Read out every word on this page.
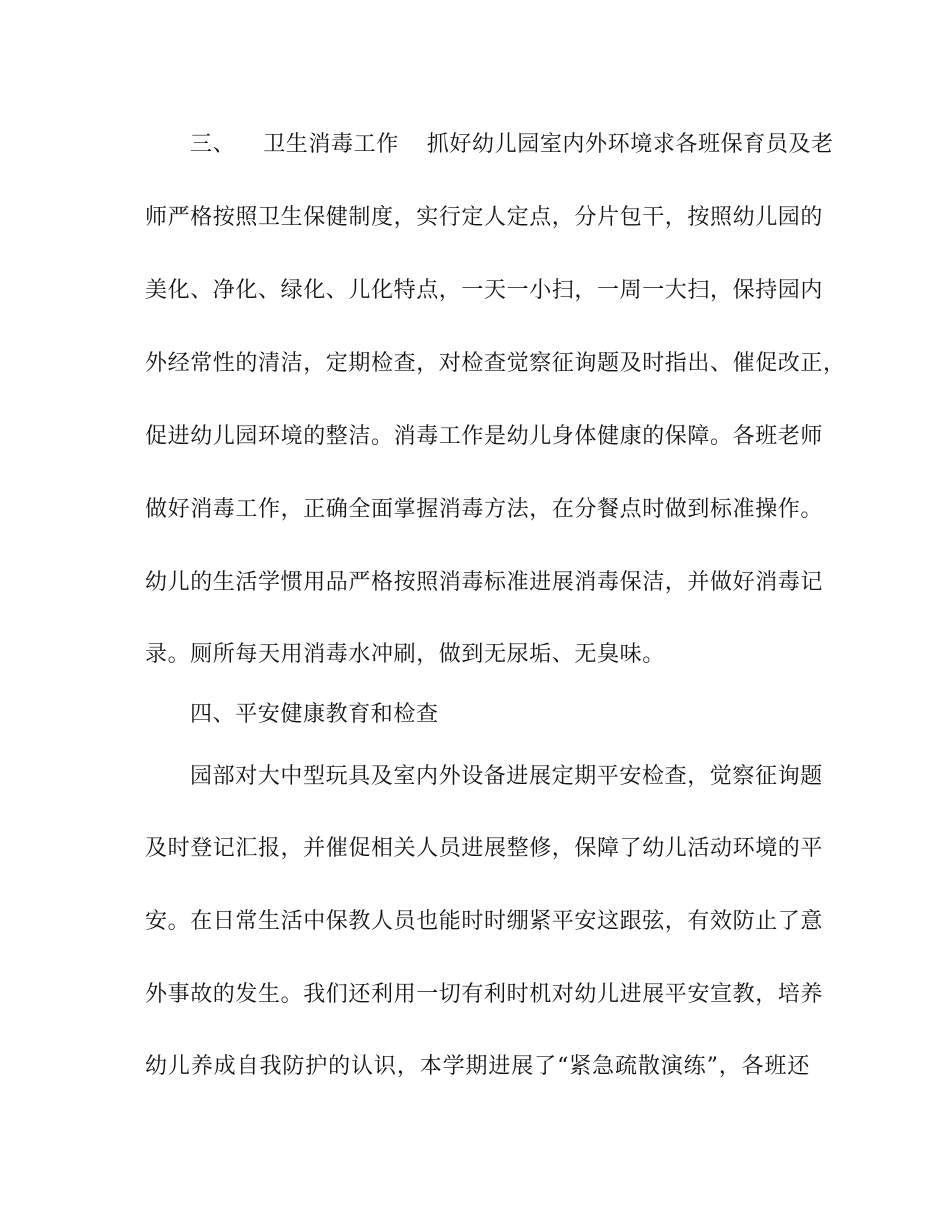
三、 卫生消毒工作 抓好幼儿园室内外环境求各班保育员及老
师严格按照卫生保健制度，实行定人定点，分片包干，按照幼儿园的
美化、净化、绿化、儿化特点，一天一小扫，一周一大扫，保持园内
外经常性的清洁，定期检查，对检查觉察征询题及时指出、催促改正，
促进幼儿园环境的整洁。消毒工作是幼儿身体健康的保障。各班老师
做好消毒工作，正确全面掌握消毒方法，在分餐点时做到标准操作。
幼儿的生活学惯用品严格按照消毒标准进展消毒保洁，并做好消毒记
录。厕所每天用消毒水冲刷，做到无尿垢、无臭味。
四、平安健康教育和检查
园部对大中型玩具及室内外设备进展定期平安检查，觉察征询题
及时登记汇报，并催促相关人员进展整修，保障了幼儿活动环境的平
安。在日常生活中保教人员也能时时绷紧平安这跟弦，有效防止了意
外事故的发生。我们还利用一切有利时机对幼儿进展平安宣教，培养
幼儿养成自我防护的认识，本学期进展了“紧急疏散演练”，各班还
